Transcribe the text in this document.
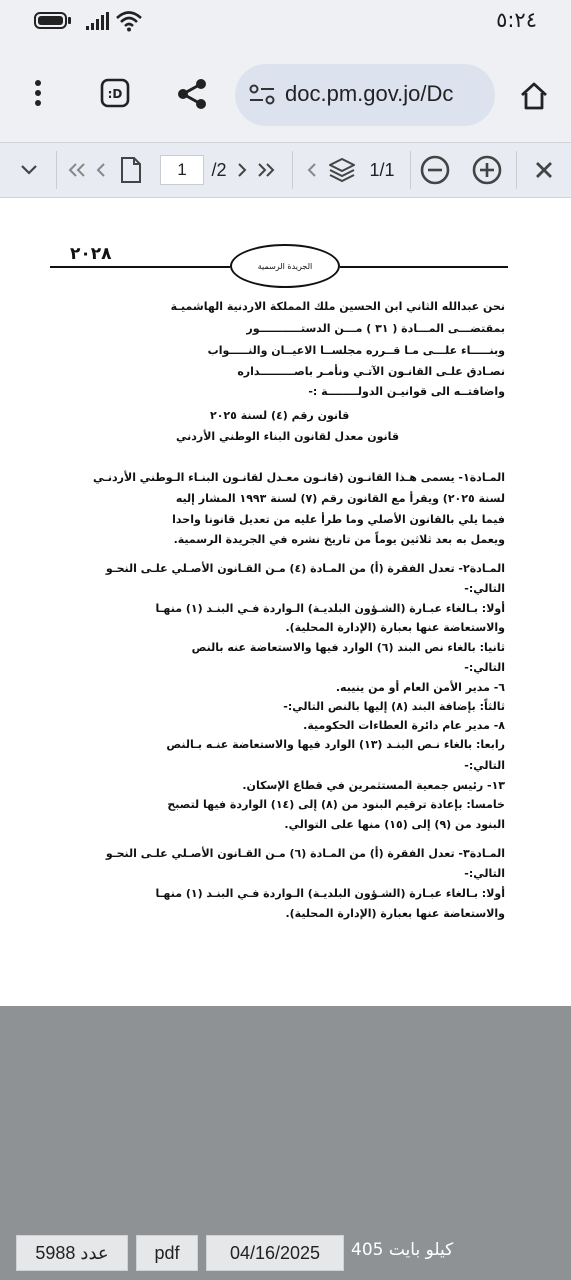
٥:٢٤
:D	doc.pm.gov.jo/Dc
1	/2	1/1
٢٠٢٨
الجريدة الرسمية
نحن عبدالله الثاني ابن الحسين ملك المملكة الاردنية الهاشميـة
بمقتضـــى المـــادة ( ٣١ ) مـــن الدستـــــــــــور
وبنـــــاء علـــى مـا قــرره مجلســا الاعيــان والنـــــواب
نصـادق علـى القانـون الآتـي ونأمـر باصـــــــــداره
واضافتــه الى قوانيـن الدولــــــــة :-
قانون رقم (٤) لسنة ٢٠٢٥
قانون معدل لقانون البناء الوطني الأردني
المـادة١- يسمى هـذا القانـون (قانـون معـدل لقانـون البنـاء الـوطني الأردنـي
لسنة ٢٠٢٥) ويقرأ مع القانون رقم (٧) لسنة ١٩٩٣ المشار إليه
فيما يلي بالقانون الأصلي وما طرأ عليه من تعديل قانونا واحدا
ويعمل به بعد ثلاثين يوماً من تاريخ نشره في الجريدة الرسمية.
المـادة٢- تعدل الفقرة (أ) من المـادة (٤) مـن القـانون الأصـلي علـى النحـو
التالي:-
أولا: بـالغاء عبـارة (الشـؤون البلديـة) الـواردة فـي البنـد (١) منهـا
والاستعاضة عنها بعبارة (الإدارة المحلية).
ثانيا: بالغاء نص البند (٦) الوارد فيها والاستعاضة عنه بالنص
التالي:-
٦- مدير الأمن العام أو من ينيبه.
ثالثاً: بإضافة البند (٨) إليها بالنص التالي:-
٨- مدير عام دائرة العطاءات الحكومية.
رابعا: بالغاء نـص البنـد (١٣) الوارد فيها والاستعاضة عنـه بـالنص
التالي:-
١٣- رئيس جمعية المستثمرين في قطاع الإسكان.
خامسا: بإعادة ترقيم البنود من (٨) إلى (١٤) الواردة فيها لتصبح
البنود من (٩) إلى (١٥) منها على التوالي.
المـادة٣- تعدل الفقرة (أ) من المـادة (٦) مـن القـانون الأصـلي علـى النحـو
التالي:-
أولا: بـالغاء عبـارة (الشـؤون البلديـة) الـواردة فـي البنـد (١) منهـا
والاستعاضة عنها بعبارة (الإدارة المحلية).
عدد 5988	pdf	04/16/2025	كيلو بايت 405
